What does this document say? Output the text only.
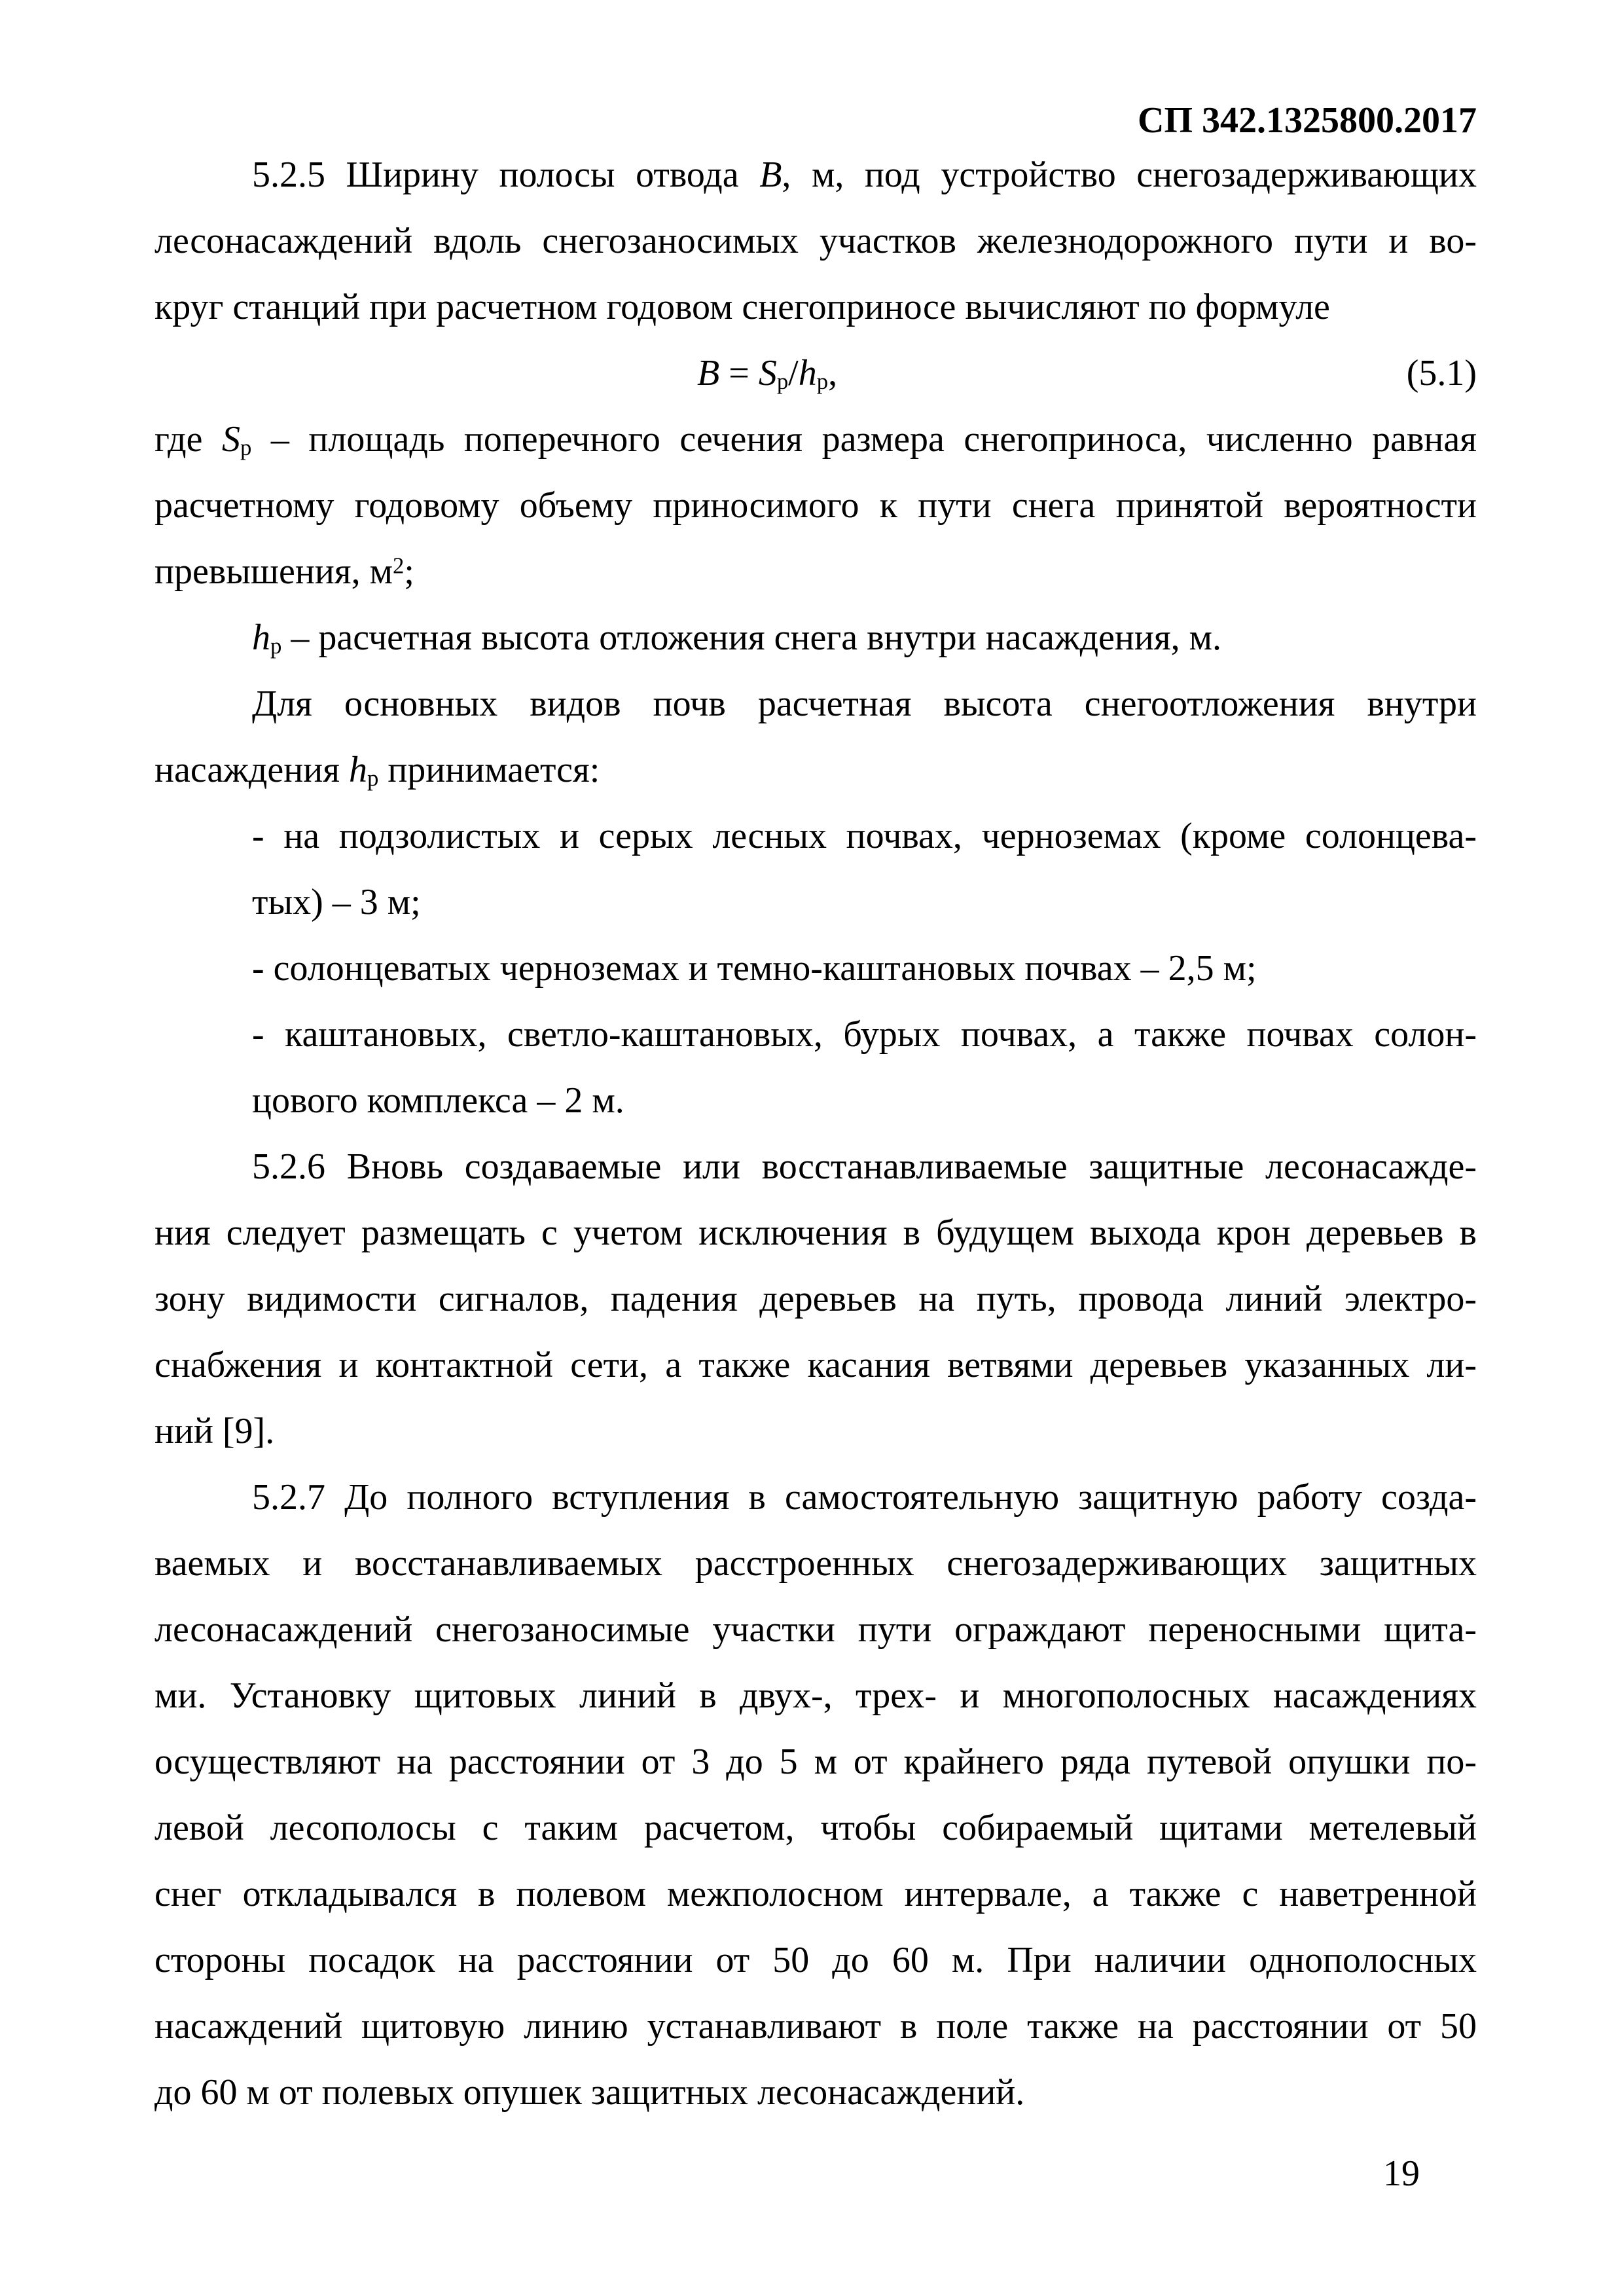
СП 342.1325800.2017
5.2.5 Ширину полосы отвода В, м, под устройство снегозадерживающих
лесонасаждений вдоль снегозаносимых участков железнодорожного пути и во-
круг станций при расчетном годовом снегоприносе вычисляют по формуле
(5.1)
В = Sр/hр,
где Sр – площадь поперечного сечения размера снегоприноса, численно равная
расчетному годовому объему приносимого к пути снега принятой вероятности
превышения, $м^2$;
hр – расчетная высота отложения снега внутри насаждения, м.
Для основных видов почв расчетная высота снегоотложения внутри
насаждения hр принимается:
- на подзолистых и серых лесных почвах, черноземах (кроме солонцева-
тых) – 3 м;
- солонцеватых черноземах и темно-каштановых почвах – 2,5 м;
- каштановых, светло-каштановых, бурых почвах, а также почвах солон-
цового комплекса – 2 м.
5.2.6 Вновь создаваемые или восстанавливаемые защитные лесонасажде-
ния следует размещать с учетом исключения в будущем выхода крон деревьев в
зону видимости сигналов, падения деревьев на путь, провода линий электро-
снабжения и контактной сети, а также касания ветвями деревьев указанных ли-
ний [9].
5.2.7 До полного вступления в самостоятельную защитную работу созда-
ваемых и восстанавливаемых расстроенных снегозадерживающих защитных
лесонасаждений снегозаносимые участки пути ограждают переносными щита-
ми. Установку щитовых линий в двух-, трех- и многополосных насаждениях
осуществляют на расстоянии от 3 до 5 м от крайнего ряда путевой опушки по-
левой лесополосы с таким расчетом, чтобы собираемый щитами метелевый
снег откладывался в полевом межполосном интервале, а также с наветренной
стороны посадок на расстоянии от 50 до 60 м. При наличии однополосных
насаждений щитовую линию устанавливают в поле также на расстоянии от 50
до 60 м от полевых опушек защитных лесонасаждений.
19
